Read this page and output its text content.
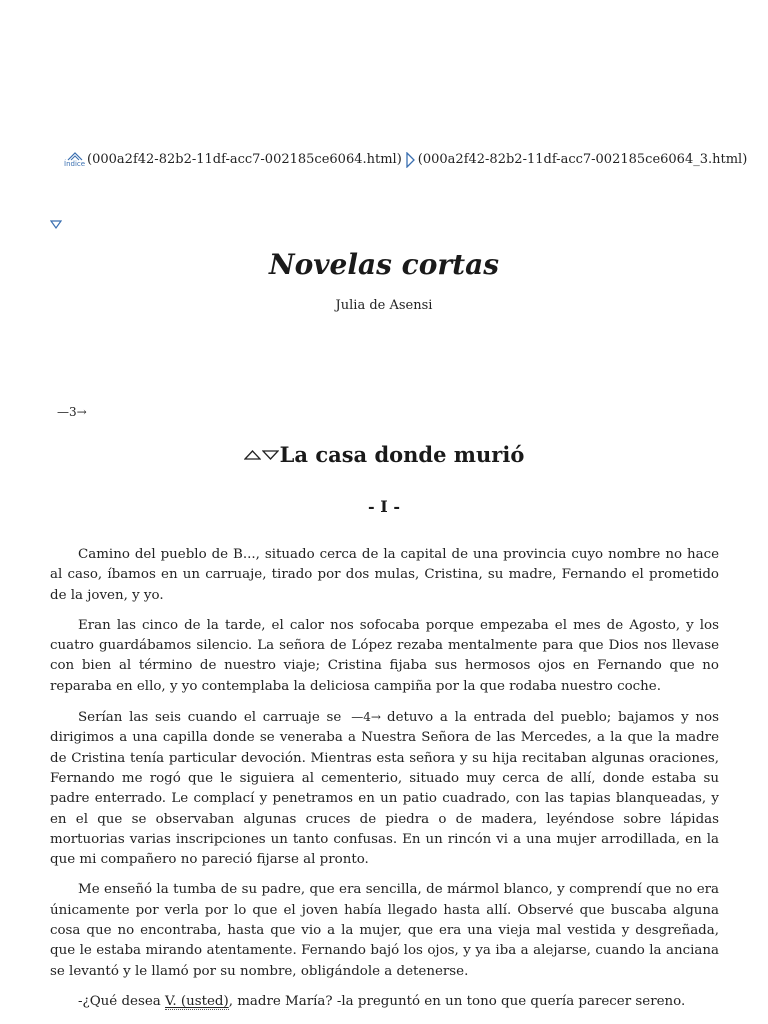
Índice (000a2f42-82b2-11df-acc7-002185ce6064.html) (000a2f42-82b2-11df-acc7-002185ce6064_3.html)
Novelas cortas
Julia de Asensi
—3→
La casa donde murió
- I -

Camino del pueblo de B..., situado cerca de la capital de una provincia cuyo nombre no hace al caso, íbamos en un carruaje, tirado por dos mulas, Cristina, su madre, Fernando el prometido de la joven, y yo.

Eran las cinco de la tarde, el calor nos sofocaba porque empezaba el mes de Agosto, y los cuatro guardábamos silencio. La señora de López rezaba mentalmente para que Dios nos llevase con bien al término de nuestro viaje; Cristina fijaba sus hermosos ojos en Fernando que no reparaba en ello, y yo contemplaba la deliciosa campiña por la que rodaba nuestro coche.

Serían las seis cuando el carruaje se —4→ detuvo a la entrada del pueblo; bajamos y nos dirigimos a una capilla donde se veneraba a Nuestra Señora de las Mercedes, a la que la madre de Cristina tenía particular devoción. Mientras esta señora y su hija recitaban algunas oraciones, Fernando me rogó que le siguiera al cementerio, situado muy cerca de allí, donde estaba su padre enterrado. Le complací y penetramos en un patio cuadrado, con las tapias blanqueadas, y en el que se observaban algunas cruces de piedra o de madera, leyéndose sobre lápidas mortuorias varias inscripciones un tanto confusas. En un rincón vi a una mujer arrodillada, en la que mi compañero no pareció fijarse al pronto.

Me enseñó la tumba de su padre, que era sencilla, de mármol blanco, y comprendí que no era únicamente por verla por lo que el joven había llegado hasta allí. Observé que buscaba alguna cosa que no encontraba, hasta que vio a la mujer, que era una vieja mal vestida y desgreñada, que le estaba mirando atentamente. Fernando bajó los ojos, y ya iba a alejarse, cuando la anciana se levantó y le llamó por su nombre, obligándole a detenerse.

-¿Qué desea V. (usted), madre María? -la preguntó en un tono que quería parecer sereno.
